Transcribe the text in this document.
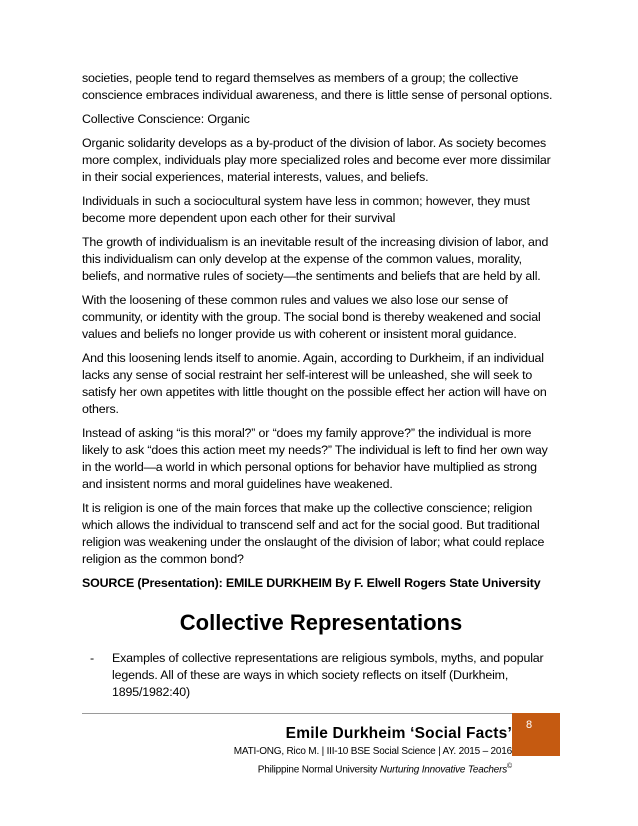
societies, people tend to regard themselves as members of a group; the collective conscience embraces individual awareness, and there is little sense of personal options.

Collective Conscience: Organic

Organic solidarity develops as a by-product of the division of labor. As society becomes more complex, individuals play more specialized roles and become ever more dissimilar in their social experiences, material interests, values, and beliefs.

Individuals in such a sociocultural system have less in common; however, they must become more dependent upon each other for their survival

The growth of individualism is an inevitable result of the increasing division of labor, and this individualism can only develop at the expense of the common values, morality, beliefs, and normative rules of society—the sentiments and beliefs that are held by all.

With the loosening of these common rules and values we also lose our sense of community, or identity with the group. The social bond is thereby weakened and social values and beliefs no longer provide us with coherent or insistent moral guidance.

And this loosening lends itself to anomie. Again, according to Durkheim, if an individual lacks any sense of social restraint her self-interest will be unleashed, she will seek to satisfy her own appetites with little thought on the possible effect her action will have on others.

Instead of asking “is this moral?” or “does my family approve?” the individual is more likely to ask “does this action meet my needs?” The individual is left to find her own way in the world—a world in which personal options for behavior have multiplied as strong and insistent norms and moral guidelines have weakened.

It is religion is one of the main forces that make up the collective conscience; religion which allows the individual to transcend self and act for the social good. But traditional religion was weakening under the onslaught of the division of labor; what could replace religion as the common bond?

SOURCE (Presentation): EMILE DURKHEIM By F. Elwell Rogers State University

Collective Representations
-	Examples of collective representations are religious symbols, myths, and popular legends. All of these are ways in which society reflects on itself (Durkheim, 1895/1982:40)
Emile Durkheim ‘Social Facts’
MATI-ONG, Rico M. | III-10 BSE Social Science | AY. 2015 – 2016
Philippine Normal University Nurturing Innovative Teachers©
8
